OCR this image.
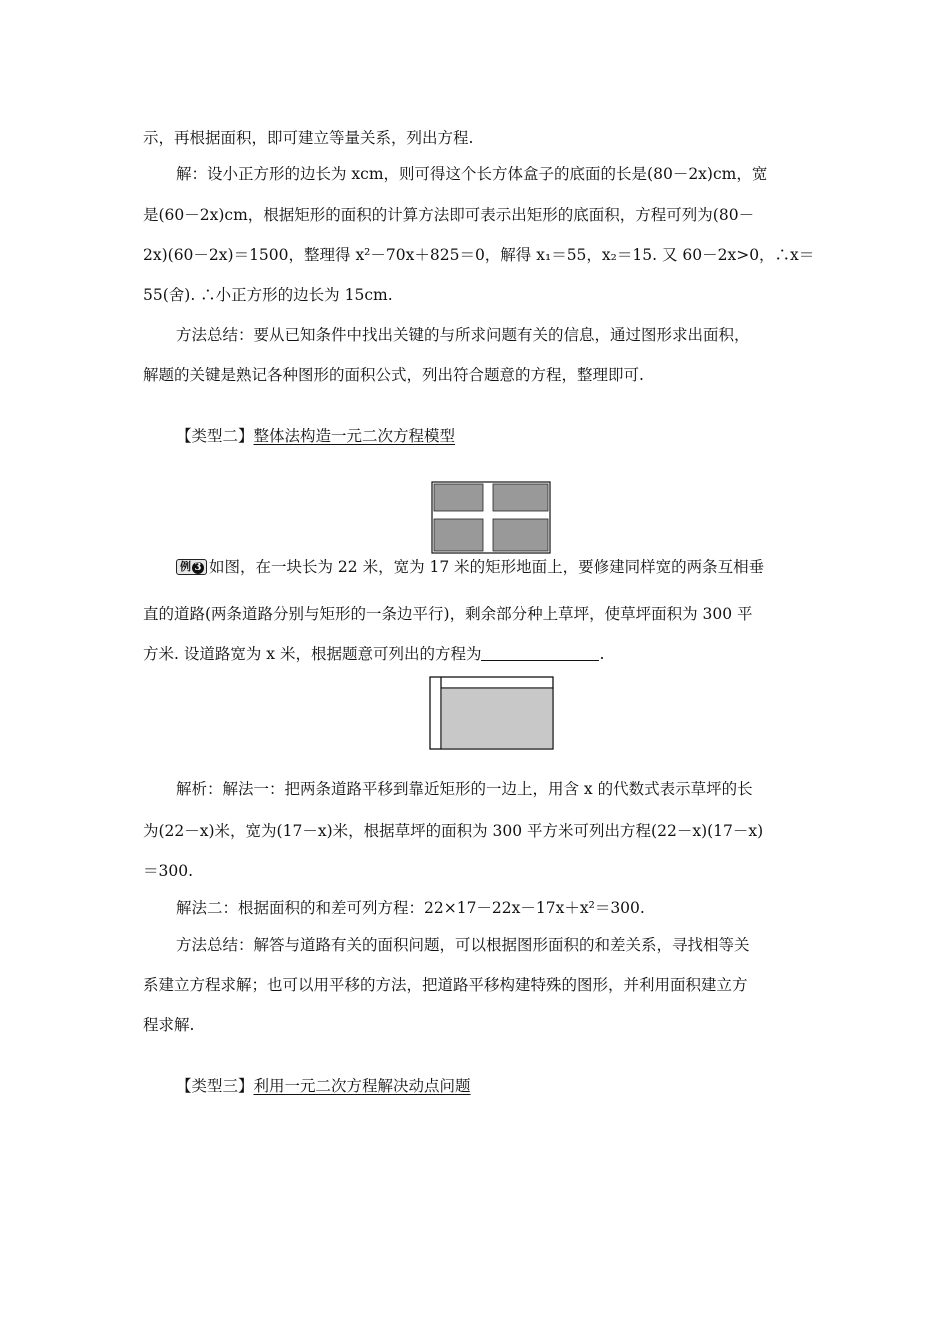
示，再根据面积，即可建立等量关系，列出方程.
解：设小正方形的边长为 xcm，则可得这个长方体盒子的底面的长是(80－2x)cm，宽
是(60－2x)cm，根据矩形的面积的计算方法即可表示出矩形的底面积，方程可列为(80－
2x)(60－2x)＝1500，整理得 x²－70x＋825＝0，解得 x₁＝55，x₂＝15. 又 60－2x>0，∴x＝
55(舍). ∴小正方形的边长为 15cm.
方法总结：要从已知条件中找出关键的与所求问题有关的信息，通过图形求出面积，
解题的关键是熟记各种图形的面积公式，列出符合题意的方程，整理即可.
【类型二】整体法构造一元二次方程模型
例 3 如图，在一块长为 22 米，宽为 17 米的矩形地面上，要修建同样宽的两条互相垂
直的道路(两条道路分别与矩形的一条边平行)，剩余部分种上草坪，使草坪面积为 300 平
方米. 设道路宽为 x 米，根据题意可列出的方程为	.
解析：解法一：把两条道路平移到靠近矩形的一边上，用含 x 的代数式表示草坪的长
为(22－x)米，宽为(17－x)米，根据草坪的面积为 300 平方米可列出方程(22－x)(17－x)
＝300.
解法二：根据面积的和差可列方程：22×17－22x－17x＋x²＝300.
方法总结：解答与道路有关的面积问题，可以根据图形面积的和差关系，寻找相等关
系建立方程求解；也可以用平移的方法，把道路平移构建特殊的图形，并利用面积建立方
程求解.
【类型三】利用一元二次方程解决动点问题
